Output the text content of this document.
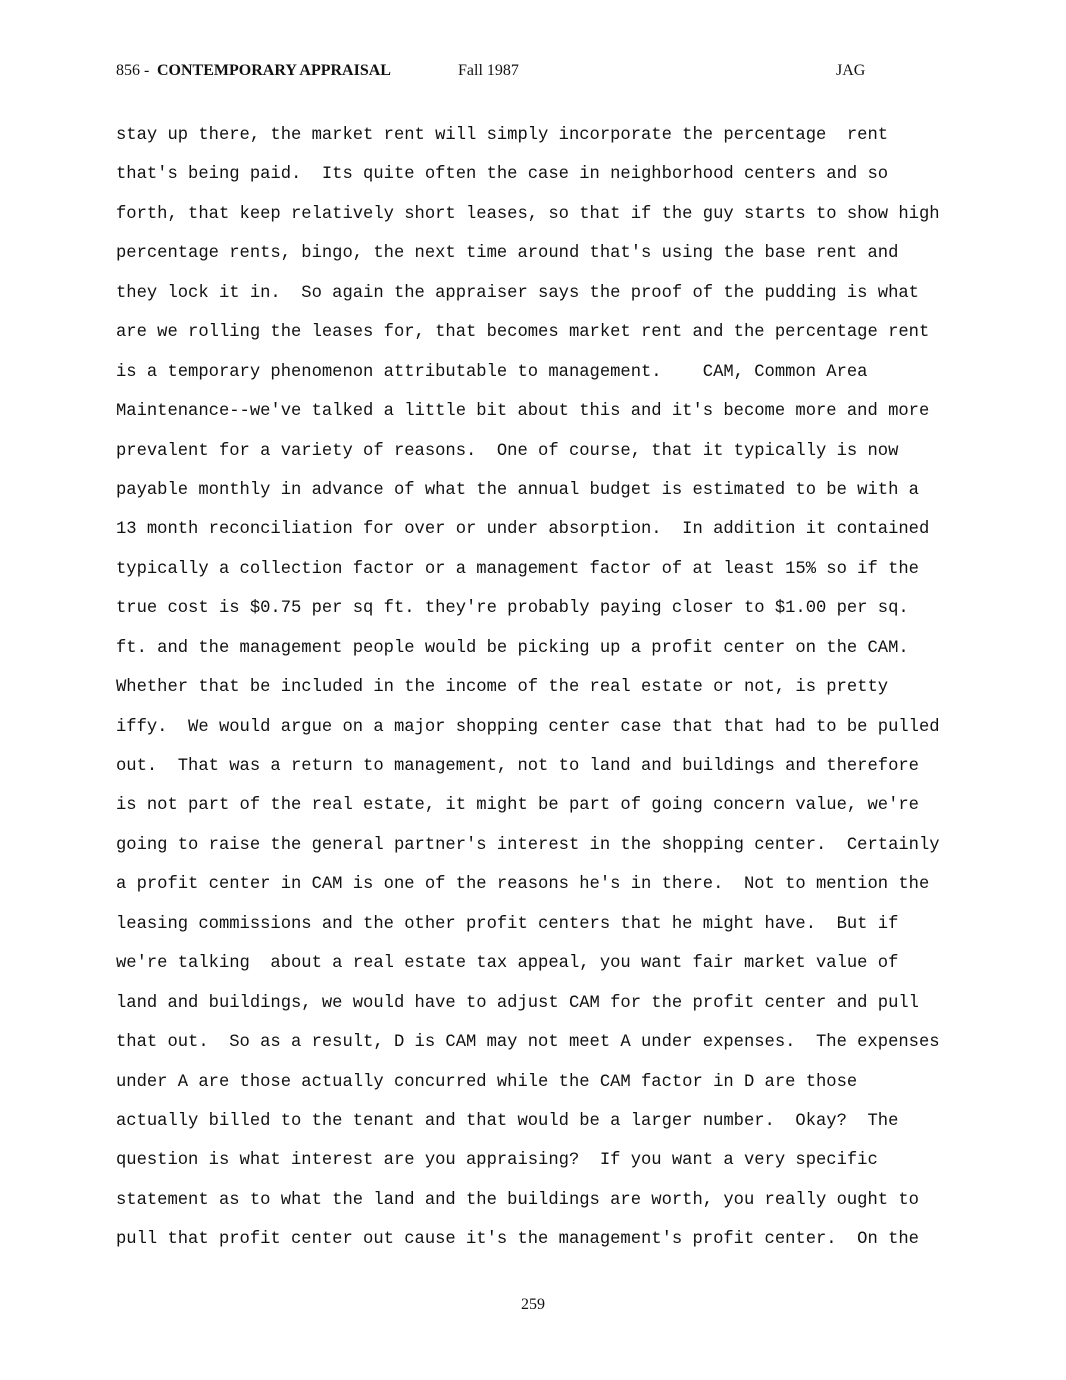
856 - CONTEMPORARY APPRAISAL	Fall 1987	JAG
stay up there, the market rent will simply incorporate the percentage  rent
that's being paid.  Its quite often the case in neighborhood centers and so
forth, that keep relatively short leases, so that if the guy starts to show high
percentage rents, bingo, the next time around that's using the base rent and
they lock it in.  So again the appraiser says the proof of the pudding is what
are we rolling the leases for, that becomes market rent and the percentage rent
is a temporary phenomenon attributable to management.    CAM, Common Area
Maintenance--we've talked a little bit about this and it's become more and more
prevalent for a variety of reasons.  One of course, that it typically is now
payable monthly in advance of what the annual budget is estimated to be with a
13 month reconciliation for over or under absorption.  In addition it contained
typically a collection factor or a management factor of at least 15% so if the
true cost is $0.75 per sq ft. they're probably paying closer to $1.00 per sq.
ft. and the management people would be picking up a profit center on the CAM.
Whether that be included in the income of the real estate or not, is pretty
iffy.  We would argue on a major shopping center case that that had to be pulled
out.  That was a return to management, not to land and buildings and therefore
is not part of the real estate, it might be part of going concern value, we're
going to raise the general partner's interest in the shopping center.  Certainly
a profit center in CAM is one of the reasons he's in there.  Not to mention the
leasing commissions and the other profit centers that he might have.  But if
we're talking  about a real estate tax appeal, you want fair market value of
land and buildings, we would have to adjust CAM for the profit center and pull
that out.  So as a result, D is CAM may not meet A under expenses.  The expenses
under A are those actually concurred while the CAM factor in D are those
actually billed to the tenant and that would be a larger number.  Okay?  The
question is what interest are you appraising?  If you want a very specific
statement as to what the land and the buildings are worth, you really ought to
pull that profit center out cause it's the management's profit center.  On the
259
